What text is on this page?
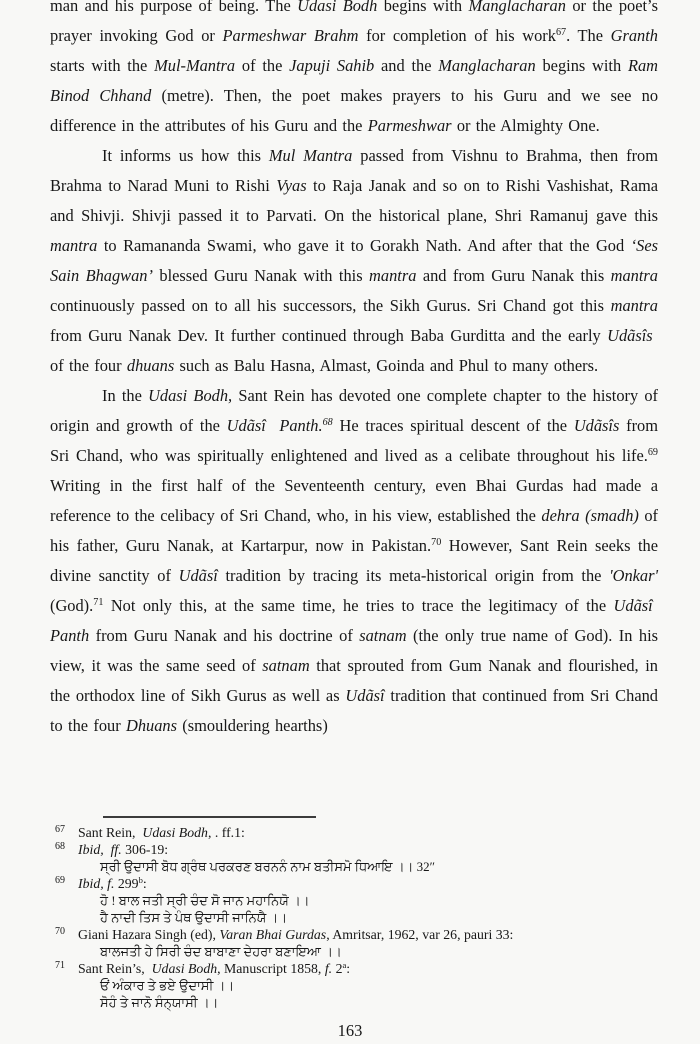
man and his purpose of being. The Udasi Bodh begins with Manglacharan or the poet’s prayer invoking God or Parmeshwar Brahm for completion of his work$^{67}$. The Granth starts with the Mul-Mantra of the Japuji Sahib and the Manglacharan begins with Ram Binod Chhand (metre). Then, the poet makes prayers to his Guru and we see no difference in the attributes of his Guru and the Parmeshwar or the Almighty One.

It informs us how this Mul Mantra passed from Vishnu to Brahma, then from Brahma to Narad Muni to Rishi Vyas to Raja Janak and so on to Rishi Vashishat, Rama and Shivji. Shivji passed it to Parvati. On the historical plane, Shri Ramanuj gave this mantra to Ramananda Swami, who gave it to Gorakh Nath. And after that the God ‘Ses Sain Bhagwan’ blessed Guru Nanak with this mantra and from Guru Nanak this mantra continuously passed on to all his successors, the Sikh Gurus. Sri Chand got this mantra from Guru Nanak Dev. It further continued through Baba Gurditta and the early Udãsîs  of the four dhuans such as Balu Hasna, Almast, Goinda and Phul to many others.

In the Udasi Bodh, Sant Rein has devoted one complete chapter to the history of origin and growth of the Udãsî  Panth.$^{68}$ He traces spiritual descent of the Udãsîs from Sri Chand, who was spiritually enlightened and lived as a celibate throughout his life.$^{69}$ Writing in the first half of the Seventeenth century, even Bhai Gurdas had made a reference to the celibacy of Sri Chand, who, in his view, established the dehra (smadh) of his father, Guru Nanak, at Kartarpur, now in Pakistan.$^{70}$ However, Sant Rein seeks the divine sanctity of Udãsî tradition by tracing its meta-historical origin from the 'Onkar' (God).$^{71}$ Not only this, at the same time, he tries to trace the legitimacy of the Udãsî  Panth from Guru Nanak and his doctrine of satnam (the only true name of God). In his view, it was the same seed of satnam that sprouted from Gum Nanak and flourished, in the orthodox line of Sikh Gurus as well as Udãsî tradition that continued from Sri Chand to the four Dhuans (smouldering hearths)

67 Sant Rein,  Udasi Bodh, . ff.1:
68 Ibid,  ff. 306-19:
ਸ੍ਰੀ ਉਦਾਸੀ ਬੋਧ ਗ੍ਰੰਥ ਪਰਕਰਣ ਬਰਨਨੰ ਨਾਮ ਬਤੀਸਮੋ ਧਿਆਇ ।। 32″
69 Ibid, f. 299$^b$:
ਹੋ ! ਬਾਲ ਜਤੀ ਸ੍ਰੀ ਚੰਦ ਸੋ ਜਾਨ ਮਹਾਨਿਯੋ ।।
ਹੈ ਨਾਦੀ ਤਿਸ ਤੇ ਪੰਥ ਉਦਾਸੀ ਜਾਨਿਯੈ ।।
70 Giani Hazara Singh (ed), Varan Bhai Gurdas, Amritsar, 1962, var 26, pauri 33:
ਬਾਲਜਤੀ ਹੇ ਸਿਰੀ ਚੰਦ ਬਾਬਾਣਾ ਦੇਹਰਾ ਬਣਾਇਆ ।।
71 Sant Rein’s,  Udasi Bodh, Manuscript 1858, f. 2$^a$:
ਓਂ ਅੰਕਾਰ ਤੇ ਭਏ ਉਦਾਸੀ ।।
ਸੋਹੰ ਤੇ ਜਾਨੋ ਸੰਨ੍ਯਾਸੀ ।।
163
